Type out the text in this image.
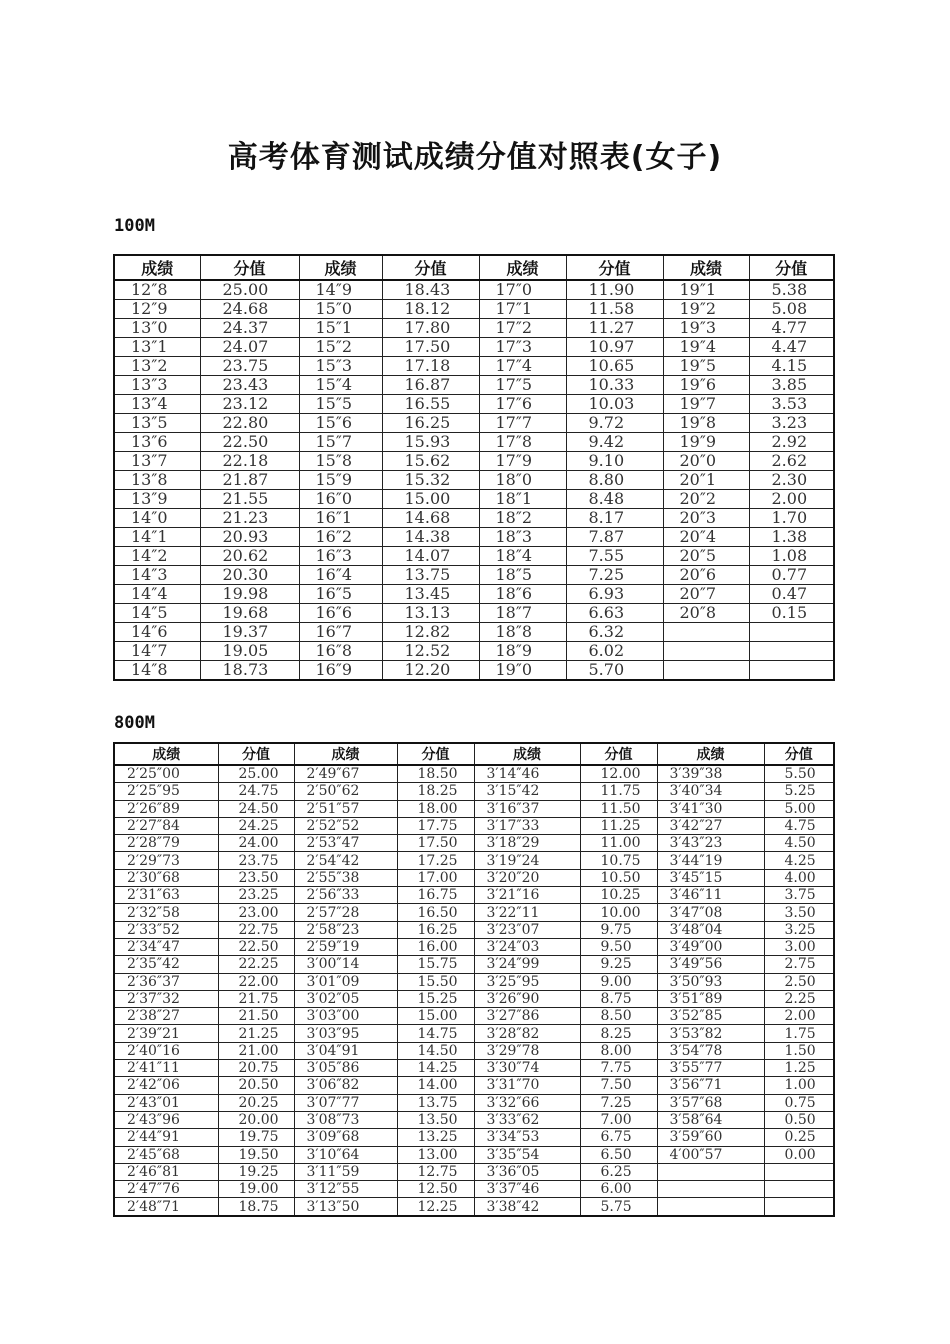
高考体育测试成绩分值对照表(女子)
100M
成绩	分值	成绩	分值	成绩	分值	成绩	分值
12″8	25.00	14″9	18.43	17″0	11.90	19″1	5.38
12″9	24.68	15″0	18.12	17″1	11.58	19″2	5.08
13″0	24.37	15″1	17.80	17″2	11.27	19″3	4.77
13″1	24.07	15″2	17.50	17″3	10.97	19″4	4.47
13″2	23.75	15″3	17.18	17″4	10.65	19″5	4.15
13″3	23.43	15″4	16.87	17″5	10.33	19″6	3.85
13″4	23.12	15″5	16.55	17″6	10.03	19″7	3.53
13″5	22.80	15″6	16.25	17″7	9.72	19″8	3.23
13″6	22.50	15″7	15.93	17″8	9.42	19″9	2.92
13″7	22.18	15″8	15.62	17″9	9.10	20″0	2.62
13″8	21.87	15″9	15.32	18″0	8.80	20″1	2.30
13″9	21.55	16″0	15.00	18″1	8.48	20″2	2.00
14″0	21.23	16″1	14.68	18″2	8.17	20″3	1.70
14″1	20.93	16″2	14.38	18″3	7.87	20″4	1.38
14″2	20.62	16″3	14.07	18″4	7.55	20″5	1.08
14″3	20.30	16″4	13.75	18″5	7.25	20″6	0.77
14″4	19.98	16″5	13.45	18″6	6.93	20″7	0.47
14″5	19.68	16″6	13.13	18″7	6.63	20″8	0.15
14″6	19.37	16″7	12.82	18″8	6.32		
14″7	19.05	16″8	12.52	18″9	6.02		
14″8	18.73	16″9	12.20	19″0	5.70		
800M
成绩	分值	成绩	分值	成绩	分值	成绩	分值
2′25″00	25.00	2′49″67	18.50	3′14″46	12.00	3′39″38	5.50
2′25″95	24.75	2′50″62	18.25	3′15″42	11.75	3′40″34	5.25
2′26″89	24.50	2′51″57	18.00	3′16″37	11.50	3′41″30	5.00
2′27″84	24.25	2′52″52	17.75	3′17″33	11.25	3′42″27	4.75
2′28″79	24.00	2′53″47	17.50	3′18″29	11.00	3′43″23	4.50
2′29″73	23.75	2′54″42	17.25	3′19″24	10.75	3′44″19	4.25
2′30″68	23.50	2′55″38	17.00	3′20″20	10.50	3′45″15	4.00
2′31″63	23.25	2′56″33	16.75	3′21″16	10.25	3′46″11	3.75
2′32″58	23.00	2′57″28	16.50	3′22″11	10.00	3′47″08	3.50
2′33″52	22.75	2′58″23	16.25	3′23″07	9.75	3′48″04	3.25
2′34″47	22.50	2′59″19	16.00	3′24″03	9.50	3′49″00	3.00
2′35″42	22.25	3′00″14	15.75	3′24″99	9.25	3′49″56	2.75
2′36″37	22.00	3′01″09	15.50	3′25″95	9.00	3′50″93	2.50
2′37″32	21.75	3′02″05	15.25	3′26″90	8.75	3′51″89	2.25
2′38″27	21.50	3′03″00	15.00	3′27″86	8.50	3′52″85	2.00
2′39″21	21.25	3′03″95	14.75	3′28″82	8.25	3′53″82	1.75
2′40″16	21.00	3′04″91	14.50	3′29″78	8.00	3′54″78	1.50
2′41″11	20.75	3′05″86	14.25	3′30″74	7.75	3′55″77	1.25
2′42″06	20.50	3′06″82	14.00	3′31″70	7.50	3′56″71	1.00
2′43″01	20.25	3′07″77	13.75	3′32″66	7.25	3′57″68	0.75
2′43″96	20.00	3′08″73	13.50	3′33″62	7.00	3′58″64	0.50
2′44″91	19.75	3′09″68	13.25	3′34″53	6.75	3′59″60	0.25
2′45″68	19.50	3′10″64	13.00	3′35″54	6.50	4′00″57	0.00
2′46″81	19.25	3′11″59	12.75	3′36″05	6.25		
2′47″76	19.00	3′12″55	12.50	3′37″46	6.00		
2′48″71	18.75	3′13″50	12.25	3′38″42	5.75		
